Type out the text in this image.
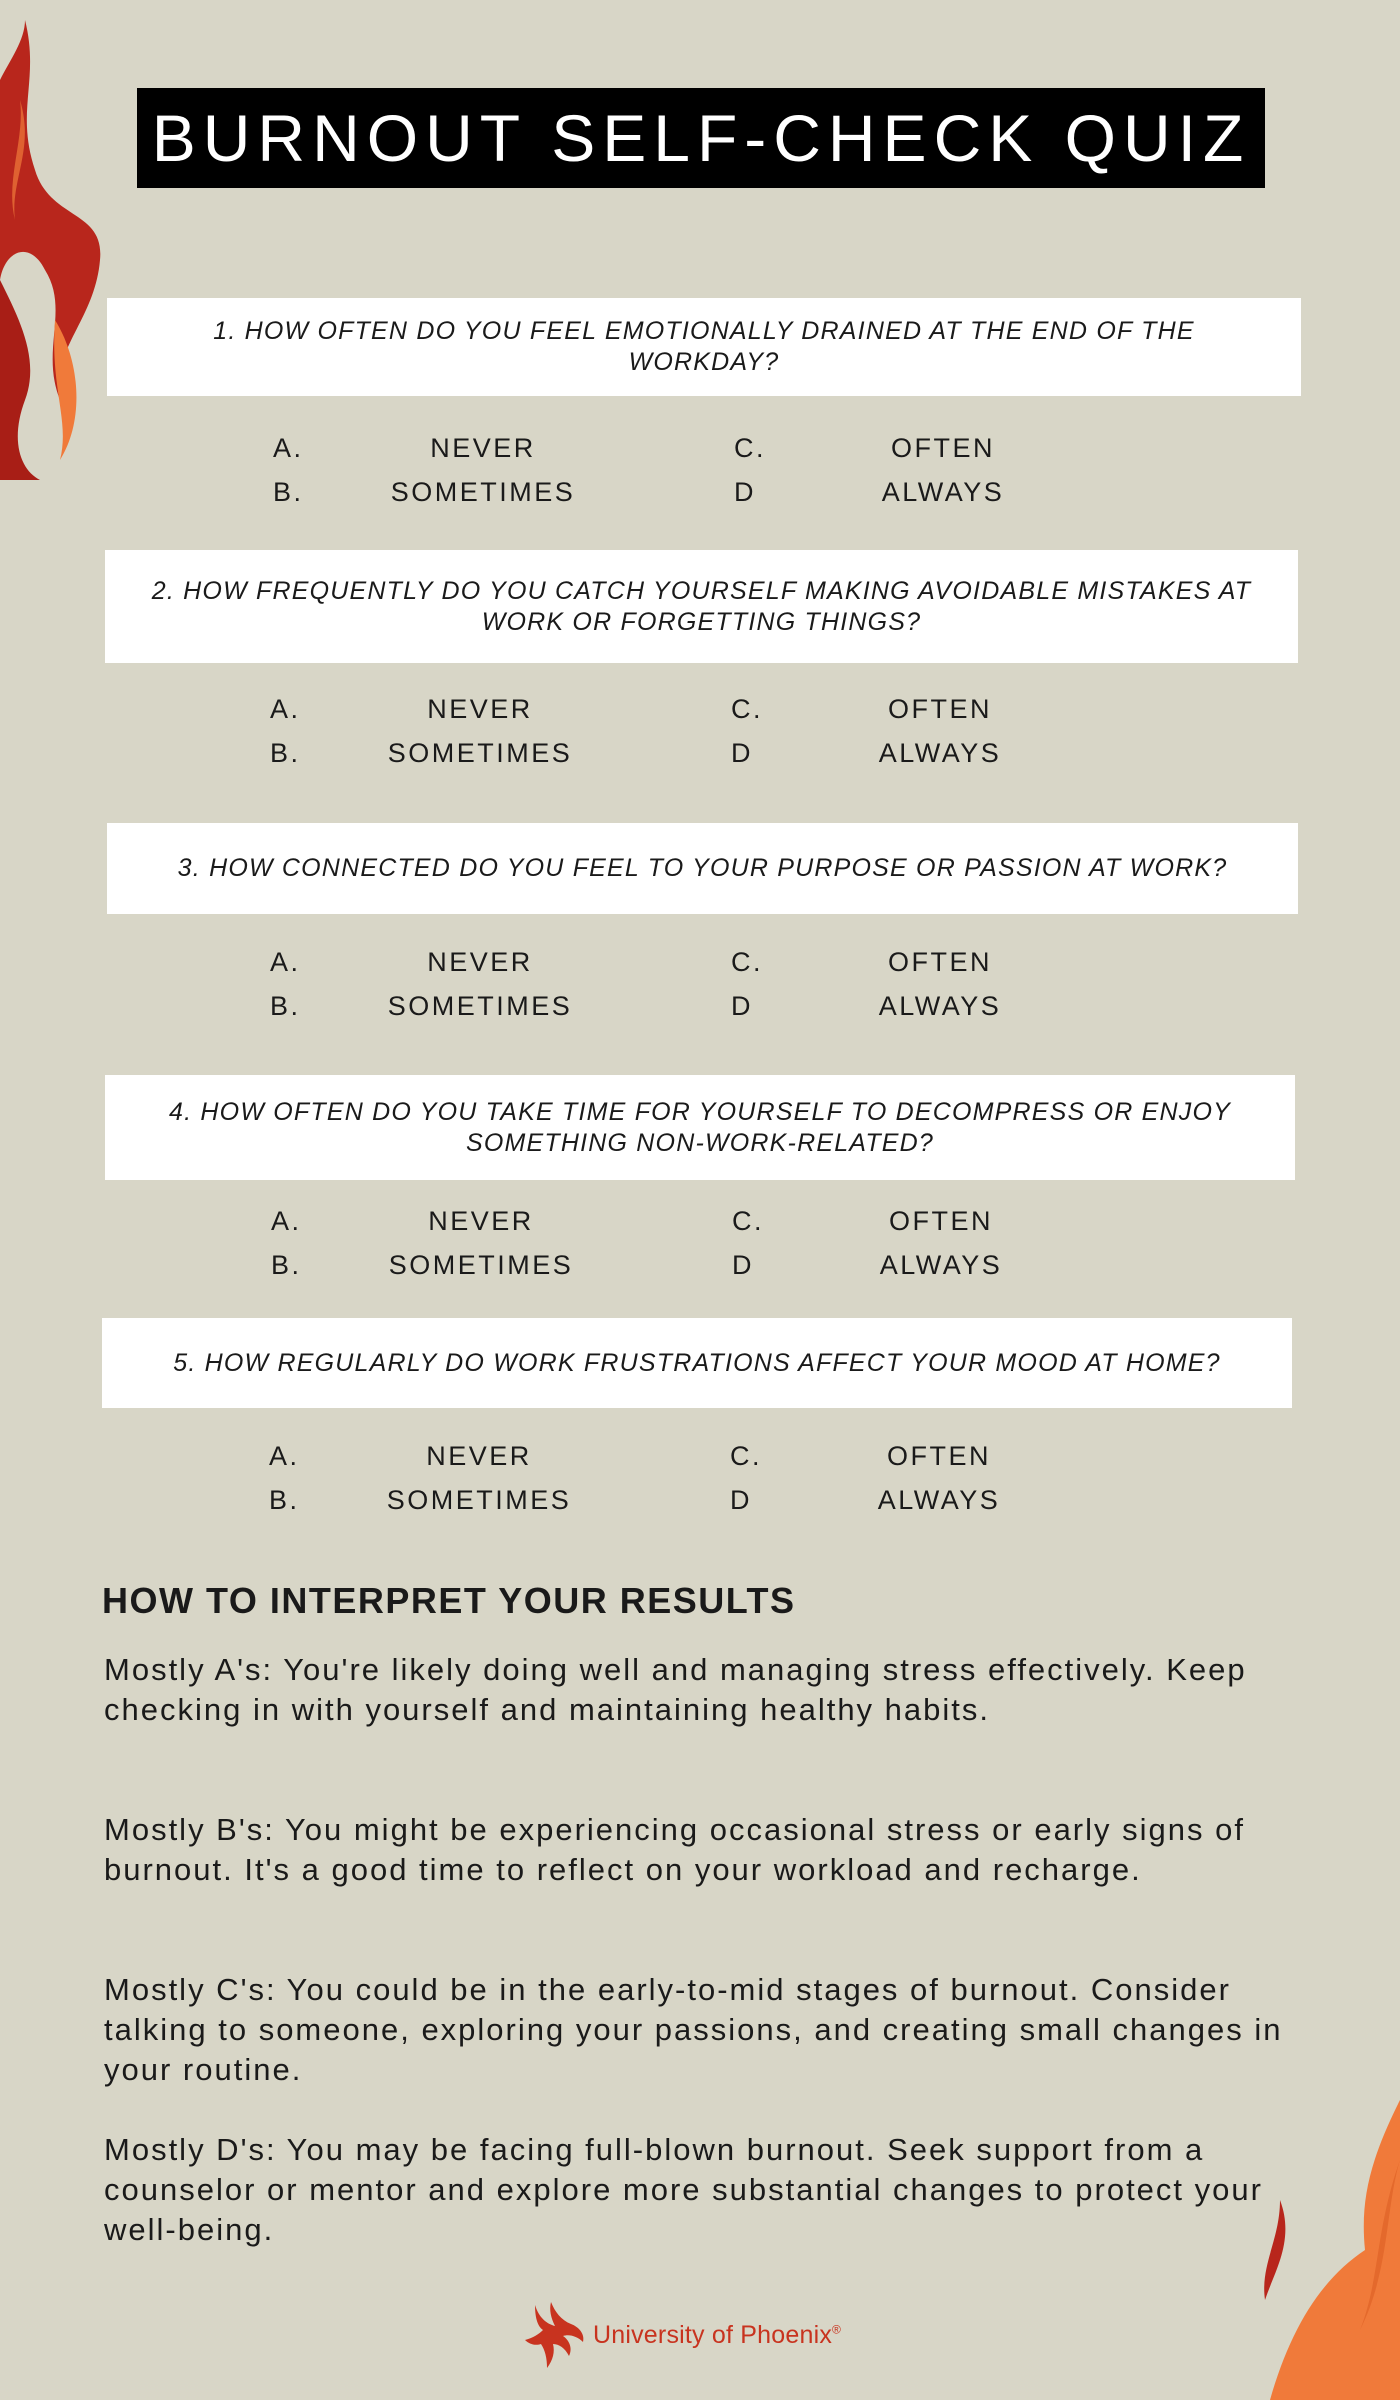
BURNOUT SELF-CHECK QUIZ
1. HOW OFTEN DO YOU FEEL EMOTIONALLY DRAINED AT THE END OF THE WORKDAY?
A.	NEVER	C.	OFTEN
B.	SOMETIMES	D	ALWAYS
2. HOW FREQUENTLY DO YOU CATCH YOURSELF MAKING AVOIDABLE MISTAKES AT WORK OR FORGETTING THINGS?
A.	NEVER	C.	OFTEN
B.	SOMETIMES	D	ALWAYS
3. HOW CONNECTED DO YOU FEEL TO YOUR PURPOSE OR PASSION AT WORK?
A.	NEVER	C.	OFTEN
B.	SOMETIMES	D	ALWAYS
4. HOW OFTEN DO YOU TAKE TIME FOR YOURSELF TO DECOMPRESS OR ENJOY SOMETHING NON-WORK-RELATED?
A.	NEVER	C.	OFTEN
B.	SOMETIMES	D	ALWAYS
5. HOW REGULARLY DO WORK FRUSTRATIONS AFFECT YOUR MOOD AT HOME?
A.	NEVER	C.	OFTEN
B.	SOMETIMES	D	ALWAYS
HOW TO INTERPRET YOUR RESULTS

Mostly A's: You're likely doing well and managing stress effectively. Keep checking in with yourself and maintaining healthy habits.

Mostly B's: You might be experiencing occasional stress or early signs of burnout. It's a good time to reflect on your workload and recharge.

Mostly C's: You could be in the early-to-mid stages of burnout. Consider talking to someone, exploring your passions, and creating small changes in your routine.

Mostly D's: You may be facing full-blown burnout. Seek support from a counselor or mentor and explore more substantial changes to protect your well-being.

University of Phoenix®
